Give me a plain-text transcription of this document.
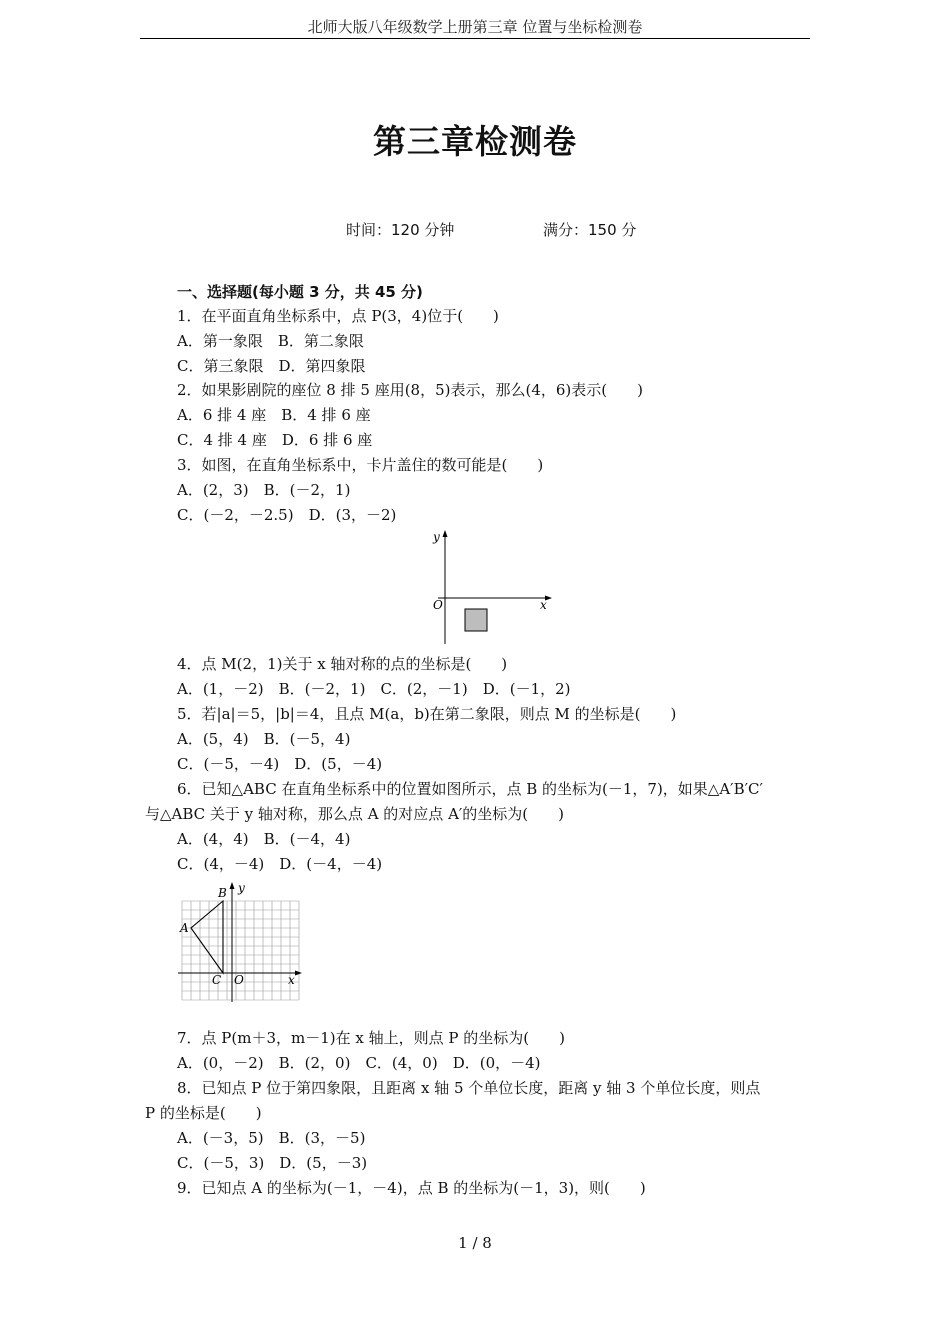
北师大版八年级数学上册第三章 位置与坐标检测卷
第三章检测卷
时间：120 分钟	满分：150 分
一、选择题(每小题 3 分，共 45 分)
1．在平面直角坐标系中，点 P(3，4)位于(　　)
A．第一象限　B．第二象限
C．第三象限　D．第四象限
2．如果影剧院的座位 8 排 5 座用(8，5)表示，那么(4，6)表示(　　)
A．6 排 4 座　B．4 排 6 座
C．4 排 4 座　D．6 排 6 座
3．如图，在直角坐标系中，卡片盖住的数可能是(　　)
A．(2，3)　B．(－2，1)
C．(－2，－2.5)　D．(3，－2)
y
x
O
4．点 M(2，1)关于 x 轴对称的点的坐标是(　　)
A．(1，－2)　B．(－2，1)　C．(2，－1)　D．(－1，2)
5．若|a|＝5，|b|＝4，且点 M(a，b)在第二象限，则点 M 的坐标是(　　)
A．(5，4)　B．(－5，4)
C．(－5，－4)　D．(5，－4)
6．已知△ABC 在直角坐标系中的位置如图所示，点 B 的坐标为(－1，7)，如果△A′B′C′
与△ABC 关于 y 轴对称，那么点 A 的对应点 A′的坐标为(　　)
A．(4，4)　B．(－4，4)
C．(4，－4)　D．(－4，－4)
B
A
C O
y
x
7．点 P(m＋3，m－1)在 x 轴上，则点 P 的坐标为(　　)
A．(0，－2)　B．(2，0)　C．(4，0)　D．(0，－4)
8．已知点 P 位于第四象限，且距离 x 轴 5 个单位长度，距离 y 轴 3 个单位长度，则点
P 的坐标是(　　)
A．(－3，5)　B．(3，－5)
C．(－5，3)　D．(5，－3)
9．已知点 A 的坐标为(－1，－4)，点 B 的坐标为(－1，3)，则(　　)
1 / 8
